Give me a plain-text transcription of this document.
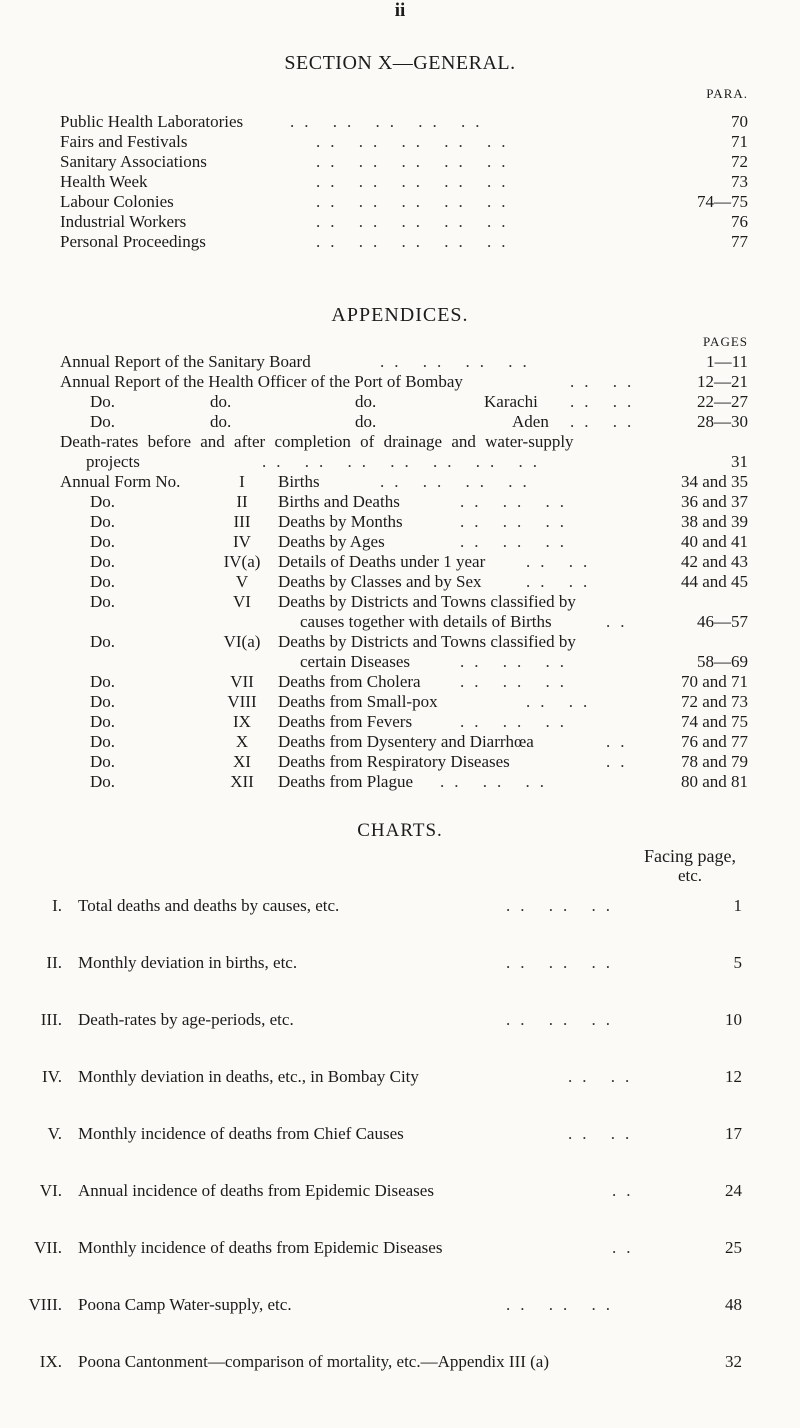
ii
SECTION X—GENERAL.
PARA.
Public Health Laboratories	.. .. .. .. ..	70
Fairs and Festivals	.. .. .. .. ..	71
Sanitary Associations	.. .. .. .. ..	72
Health Week	.. .. .. .. ..	73
Labour Colonies	.. .. .. .. ..	74—75
Industrial Workers	.. .. .. .. ..	76
Personal Proceedings	.. .. .. .. ..	77
APPENDICES.
PAGES
Annual Report of the Sanitary Board	.. .. .. ..	1—11
Annual Report of the Health Officer of the Port of Bombay	.. ..	12—21
Do.	do.	do.	Karachi .. ..	22—27
Do.	do.	do.	Aden .. ..	28—30
Death-rates before and after completion of drainage and water-supply
projects	.. .. .. .. .. .. ..	31
Annual Form No.	I	Births	.. .. .. ..	34 and 35
Do.	II	Births and Deaths	.. .. ..	36 and 37
Do.	III	Deaths by Months	.. .. ..	38 and 39
Do.	IV	Deaths by Ages	.. .. ..	40 and 41
Do.	IV(a)	Details of Deaths under 1 year .. ..	42 and 43
Do.	V	Deaths by Classes and by Sex	.. ..	44 and 45
Do.	VI	Deaths by Districts and Towns classified by
causes together with details of Births	..	46—57
Do.	VI(a)	Deaths by Districts and Towns classified by
certain Diseases	.. .. ..	58—69
Do.	VII	Deaths from Cholera .. .. ..	70 and 71
Do.	VIII	Deaths from Small-pox	.. ..	72 and 73
Do.	IX	Deaths from Fevers	.. .. ..	74 and 75
Do.	X	Deaths from Dysentery and Diarrhœa	..	76 and 77
Do.	XI	Deaths from Respiratory Diseases	..	78 and 79
Do.	XII	Deaths from Plague .. .. ..	80 and 81
CHARTS.
Facing page,
etc.
I. Total deaths and deaths by causes, etc.	.. .. ..	1
II. Monthly deviation in births, etc.	.. .. ..	5
III. Death-rates by age-periods, etc.	.. .. ..	10
IV. Monthly deviation in deaths, etc., in Bombay City	.. ..	12
V. Monthly incidence of deaths from Chief Causes	.. ..	17
VI. Annual incidence of deaths from Epidemic Diseases	..	24
VII. Monthly incidence of deaths from Epidemic Diseases	..	25
VIII. Poona Camp Water-supply, etc.	.. .. ..	48
IX. Poona Cantonment—comparison of mortality, etc.—Appendix III (a)	32
